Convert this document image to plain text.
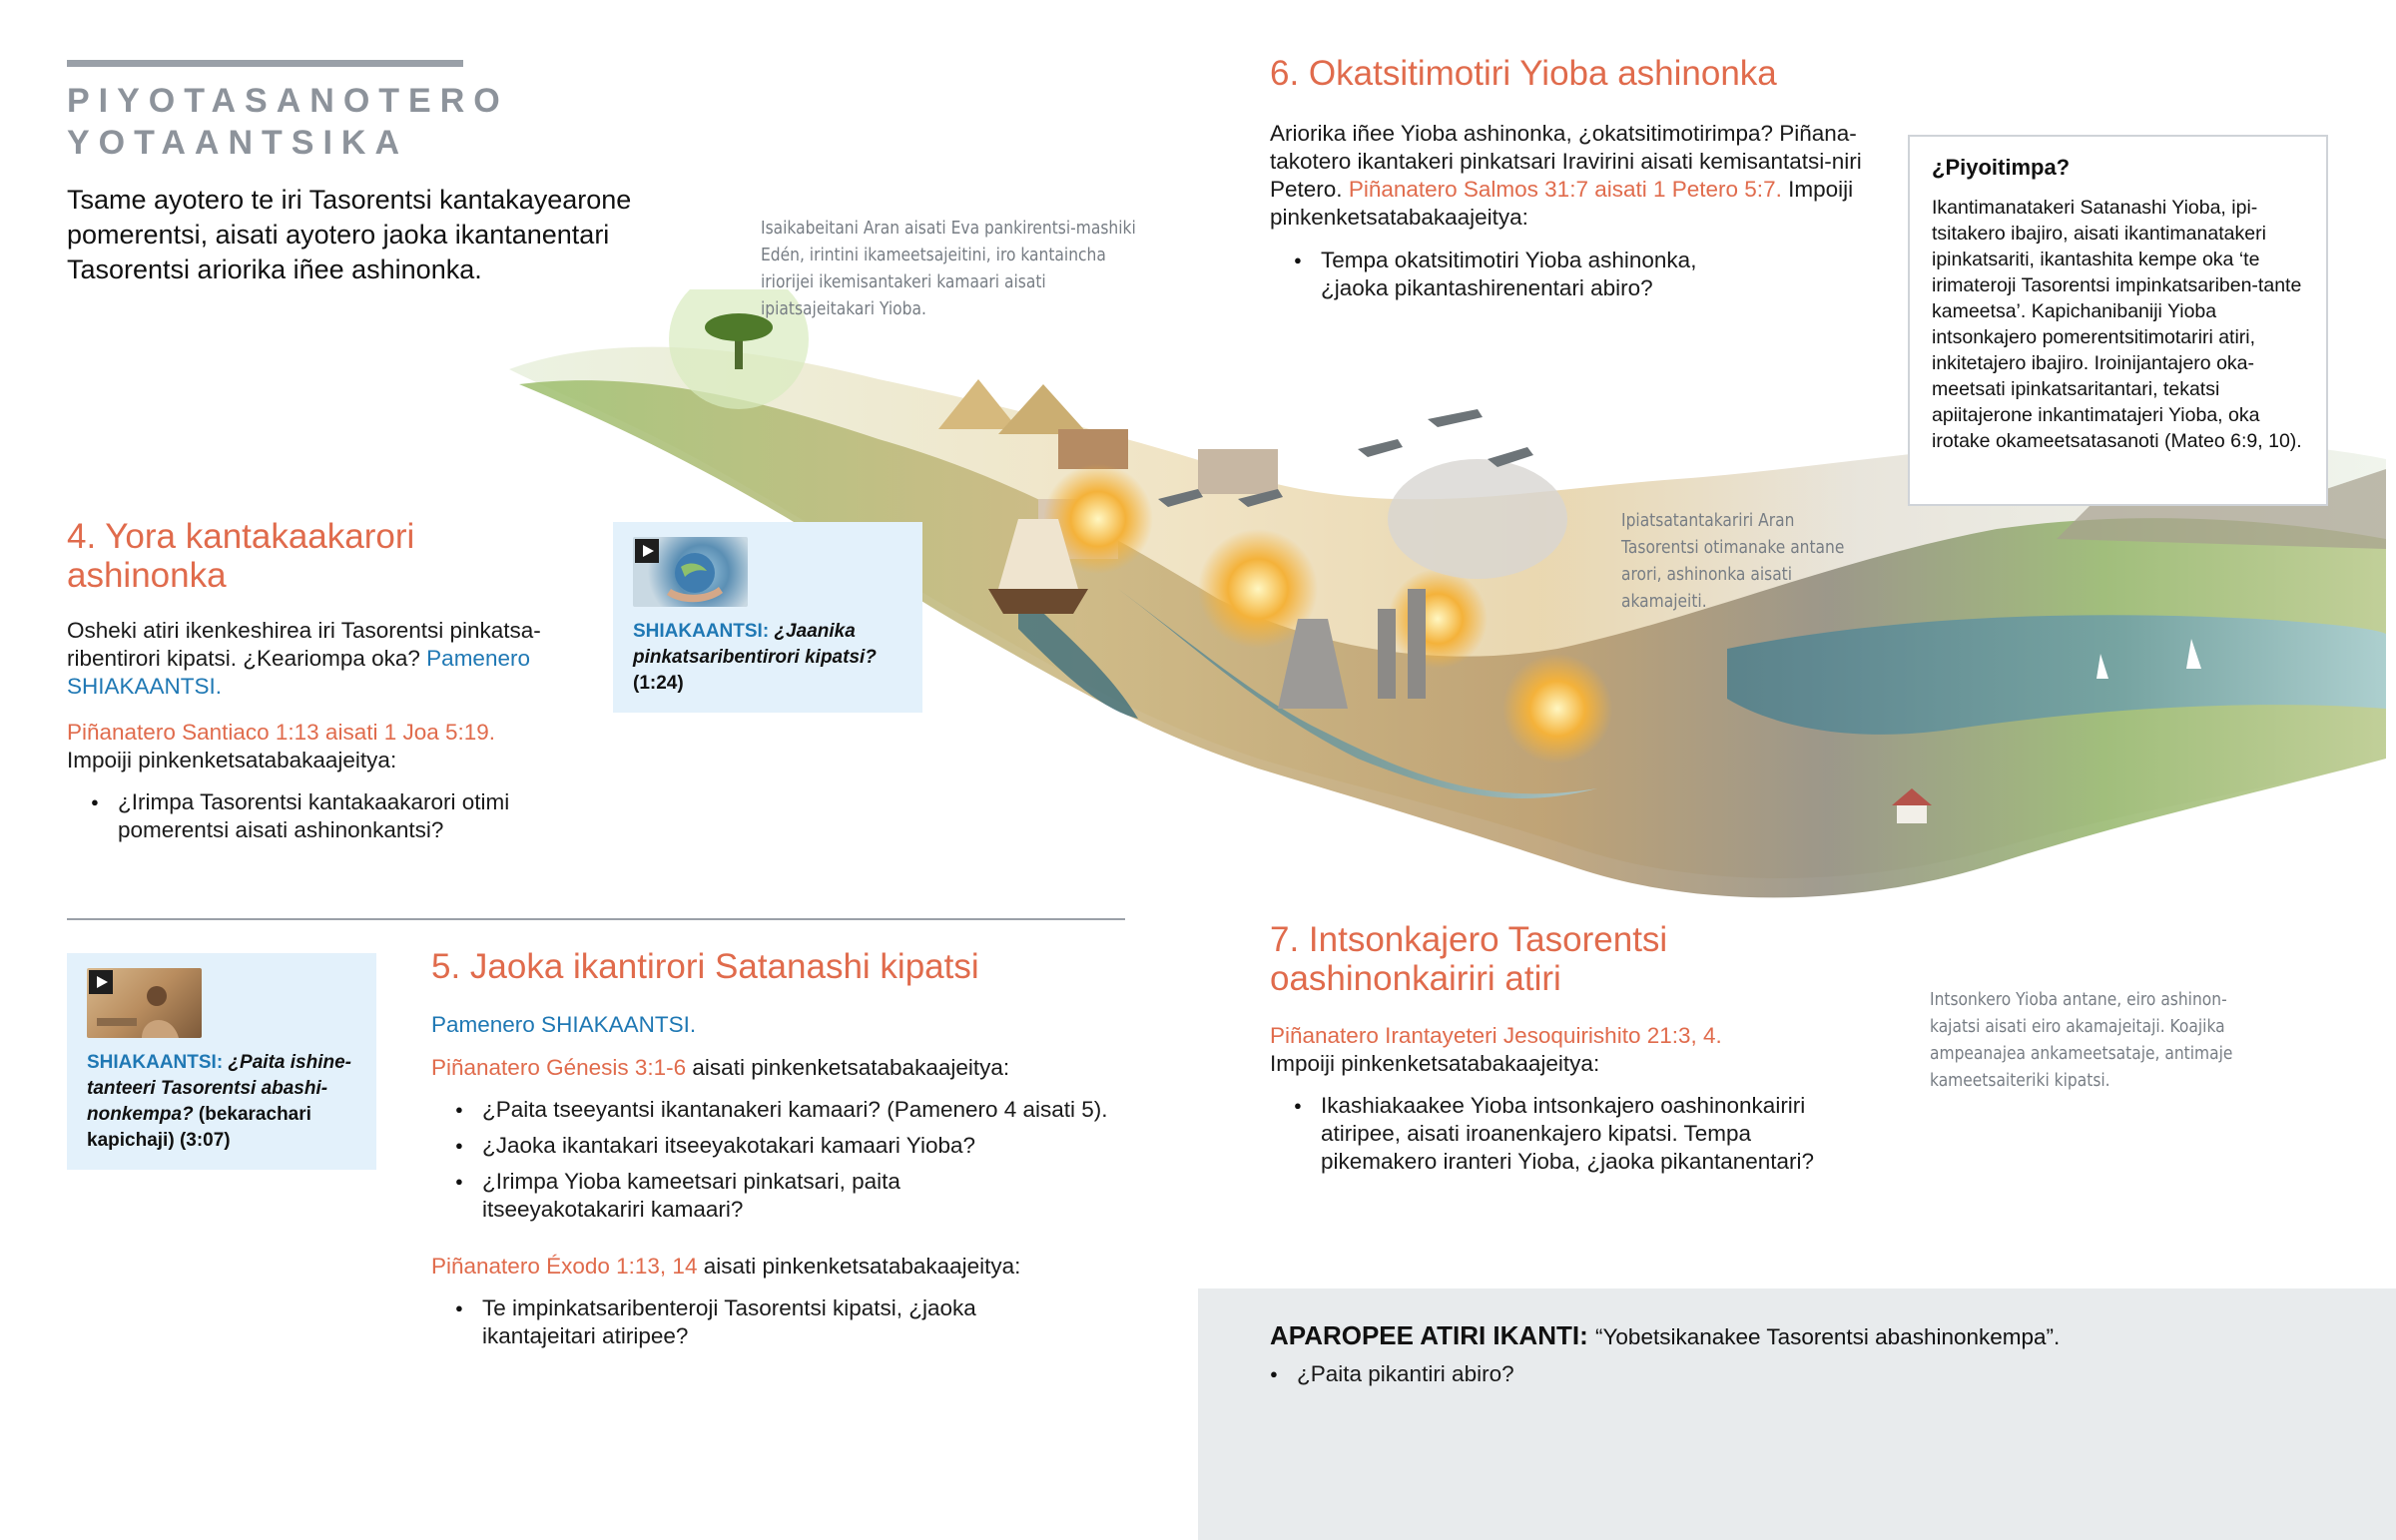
PIYOTASANOTERO
YOTAANTSIKA
Tsame ayotero te iri Tasorentsi kantakayearone pomerentsi, aisati ayotero jaoka ikantanentari Tasorentsi ariorika iñee ashinonka.
Isaikabeitani Aran aisati Eva pankirentsi-mashiki Edén, irintini ikameetsajeitini, iro kantaincha iriorijei ikemisantakeri kamaari aisati ipiatsajeitakari Yioba.
Ipiatsatantakariri Aran Tasorentsi otimanake antane arori, ashinonka aisati akamajeiti.
Intsonkero Yioba antane, eiro ashinon-kajatsi aisati eiro akamajeitaji. Koajika ampeanajea ankameetsataje, antimaje kameetsaiteriki kipatsi.
4. Yora kantakaakarori ashinonka
Osheki atiri ikenkeshirea iri Tasorentsi pinkatsa-ribentirori kipatsi. ¿Keariompa oka? Pamenero SHIAKAANTSI.
Piñanatero Santiaco 1:13 aisati 1 Joa 5:19.
Impoiji pinkenketsatabakaajeitya:
● ¿Irimpa Tasorentsi kantakaakarori otimi pomerentsi aisati ashinonkantsi?
SHIAKAANTSI: ¿Jaanika pinkatsaribentirori kipatsi? (1:24)
SHIAKAANTSI: ¿Paita ishine-tanteeri Tasorentsi abashi-nonkempa? (bekarachari kapichaji) (3:07)
5. Jaoka ikantirori Satanashi kipatsi
Pamenero SHIAKAANTSI.
Piñanatero Génesis 3:1-6 aisati pinkenketsatabakaajeitya:
● ¿Paita tseeyantsi ikantanakeri kamaari? (Pamenero 4 aisati 5).
● ¿Jaoka ikantakari itseeyakotakari kamaari Yioba?
● ¿Irimpa Yioba kameetsari pinkatsari, paita itseeyakotakariri kamaari?
Piñanatero Éxodo 1:13, 14 aisati pinkenketsatabakaajeitya:
● Te impinkatsaribenteroji Tasorentsi kipatsi, ¿jaoka ikantajeitari atiripee?
6. Okatsitimotiri Yioba ashinonka
Ariorika iñee Yioba ashinonka, ¿okatsitimotirimpa? Piñana-takotero ikantakeri pinkatsari Iravirini aisati kemisantatsi-niri Petero. Piñanatero Salmos 31:7 aisati 1 Petero 5:7. Impoiji pinkenketsatabakaajeitya:
● Tempa okatsitimotiri Yioba ashinonka, ¿jaoka pikantashirenentari abiro?
¿Piyoitimpa?
Ikantimanatakeri Satanashi Yioba, ipi-tsitakero ibajiro, aisati ikantimanatakeri ipinkatsariti, ikantashita kempe oka ‘te irimateroji Tasorentsi impinkatsariben-tante kameetsa’. Kapichanibaniji Yioba intsonkajero pomerentsitimotariri atiri, inkitetajero ibajiro. Iroinijantajero oka-meetsati ipinkatsaritantari, tekatsi apiitajerone inkantimatajeri Yioba, oka irotake okameetsatasanoti (Mateo 6:9, 10).
7. Intsonkajero Tasorentsi oashinonkairiri atiri
Piñanatero Irantayeteri Jesoquirishito 21:3, 4.
Impoiji pinkenketsatabakaajeitya:
● Ikashiakaakee Yioba intsonkajero oashinonkairiri atiripee, aisati iroanenkajero kipatsi. Tempa pikemakero iranteri Yioba, ¿jaoka pikantanentari?
APAROPEE ATIRI IKANTI: “Yobetsikanakee Tasorentsi abashinonkempa”.
● ¿Paita pikantiri abiro?
